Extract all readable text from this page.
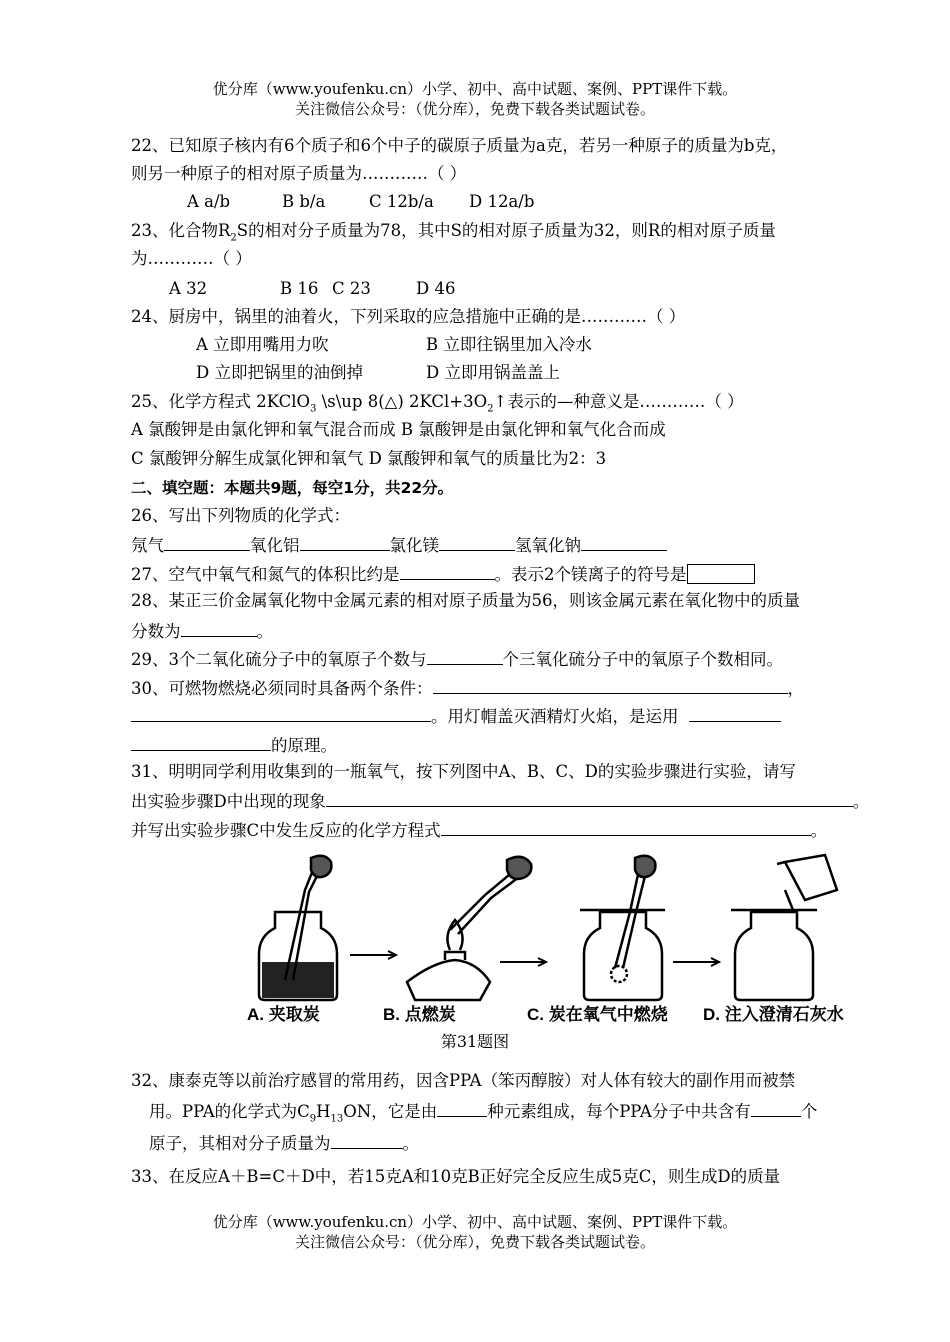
优分库（www.youfenku.cn）小学、初中、高中试题、案例、PPT课件下载。
关注微信公众号：（优分库），免费下载各类试题试卷。
22、已知原子核内有6个质子和6个中子的碳原子质量为a克，若另一种原子的质量为b克，
则另一种原子的相对原子质量为…………（ ）
A a/b	B b/a	C 12b/a D 12a/b
23、化合物$R_2S$的相对分子质量为78，其中S的相对原子质量为32，则R的相对原子质量
为…………（ ）
A 32	B 16 C 23	D 46
24、厨房中，锅里的油着火，下列采取的应急措施中正确的是…………（ ）
A 立即用嘴用力吹	B 立即往锅里加入冷水
D 立即把锅里的油倒掉	D 立即用锅盖盖上
25、化学方程式 2KClO$_3$ \s\up 8(△) $2KCl+3O_2↑$表示的—种意义是…………（ ）
A 氯酸钾是由氯化钾和氧气混合而成 B 氯酸钾是由氯化钾和氧气化合而成
C 氯酸钾分解生成氯化钾和氧气 D 氯酸钾和氧气的质量比为2：3
二、填空题：本题共9题，每空1分，共22分。
26、写出下列物质的化学式：
氖气	氧化铝	氯化镁	氢氧化钠
27、空气中氧气和氮气的体积比约是	。表示2个镁离子的符号是
28、某正三价金属氧化物中金属元素的相对原子质量为56，则该金属元素在氧化物中的质量
分数为	。
29、3个二氧化硫分子中的氧原子个数与	个三氧化硫分子中的氧原子个数相同。
30、可燃物燃烧必须同时具备两个条件：	，
。用灯帽盖灭酒精灯火焰，是运用
的原理。
31、明明同学利用收集到的一瓶氧气，按下列图中A、B、C、D的实验步骤进行实验，请写
出实验步骤D中出现的现象	。
并写出实验步骤C中发生反应的化学方程式	。
A. 夹取炭	B. 点燃炭	C. 炭在氧气中燃烧 D. 注入澄清石灰水
第31题图
32、康泰克等以前治疗感冒的常用药，因含PPA（笨丙醇胺）对人体有较大的副作用而被禁
用。PPA的化学式为$C_9H_{13}ON$，它是由	种元素组成，每个PPA分子中共含有	个
原子，其相对分子质量为	。
33、在反应A＋B=C＋D中，若15克A和10克B正好完全反应生成5克C，则生成D的质量
优分库（www.youfenku.cn）小学、初中、高中试题、案例、PPT课件下载。
关注微信公众号：（优分库），免费下载各类试题试卷。
